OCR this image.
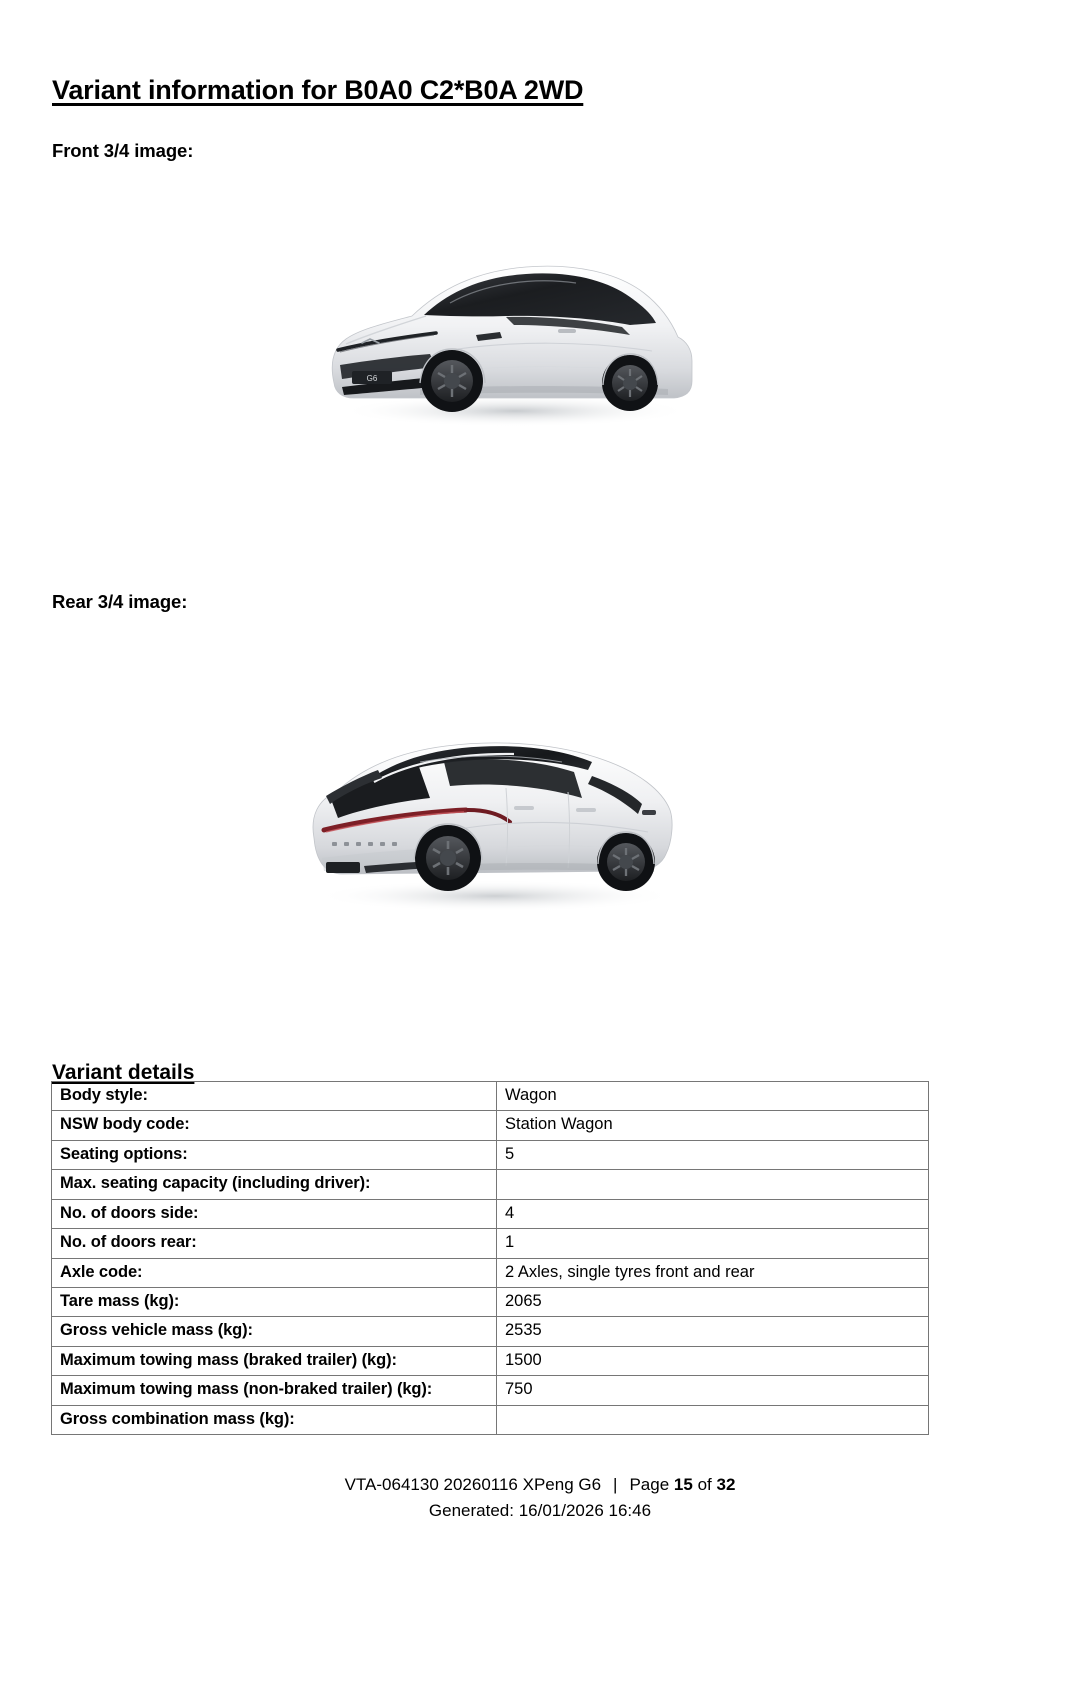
Variant information for B0A0 C2*B0A 2WD
Front 3/4 image:
G6
Rear 3/4 image:
Variant details
Body style:	Wagon
NSW body code:	Station Wagon
Seating options:	5
Max. seating capacity (including driver):	
No. of doors side:	4
No. of doors rear:	1
Axle code:	2 Axles, single tyres front and rear
Tare mass (kg):	2065
Gross vehicle mass (kg):	2535
Maximum towing mass (braked trailer) (kg):	1500
Maximum towing mass (non-braked trailer) (kg):	750
Gross combination mass (kg):	
VTA-064130 20260116 XPeng G6 | Page 15 of 32
Generated: 16/01/2026 16:46
